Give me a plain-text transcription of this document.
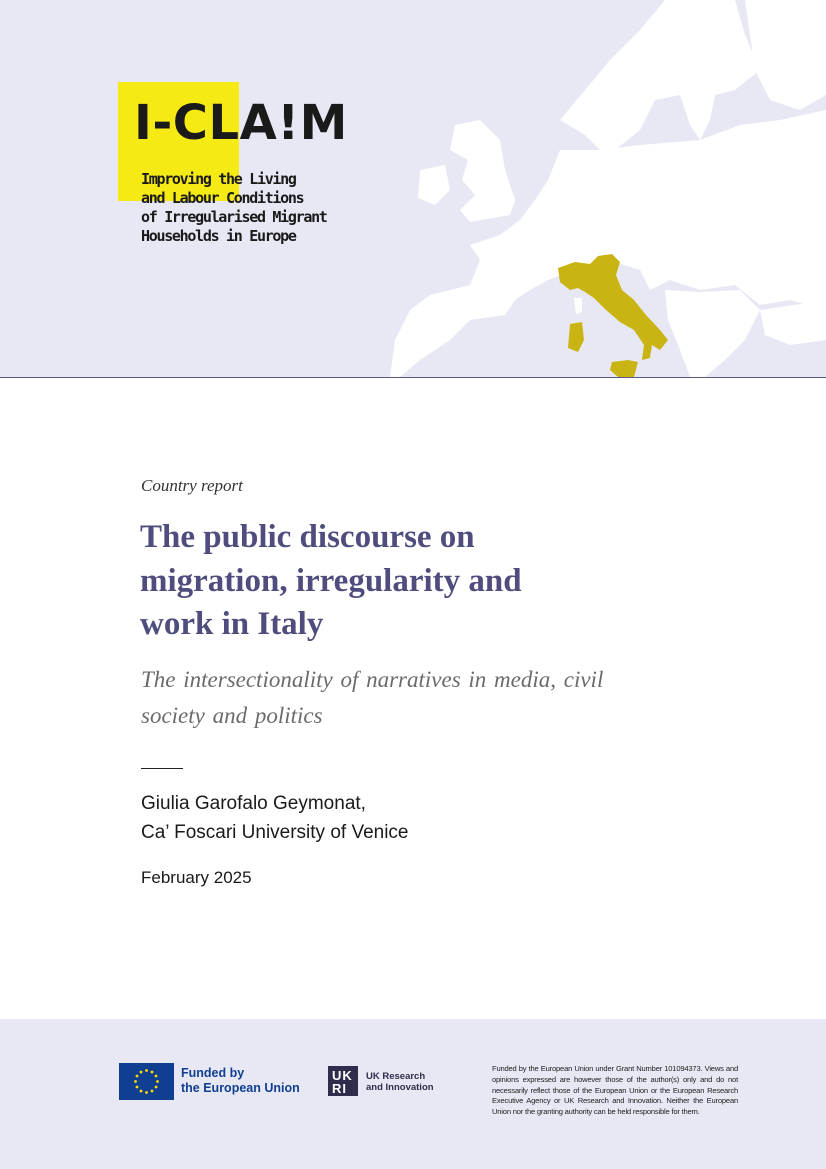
I-CLA!M
Improving the Living
and Labour Conditions
of Irregularised Migrant
Households in Europe
Country report
The public discourse on migration, irregularity and work in Italy
The intersectionality of narratives in media, civil society and politics
Giulia Garofalo Geymonat,
Ca’ Foscari University of Venice
February 2025
Funded by
the European Union
UK
RI
UK Research
and Innovation
Funded by the European Union under Grant Number 101094373. Views and opinions expressed are however those of the author(s) only and do not necessarily reflect those of the European Union or the European Research Executive Agency or UK Research and Innovation. Neither the European Union nor the granting authority can be held responsible for them.
